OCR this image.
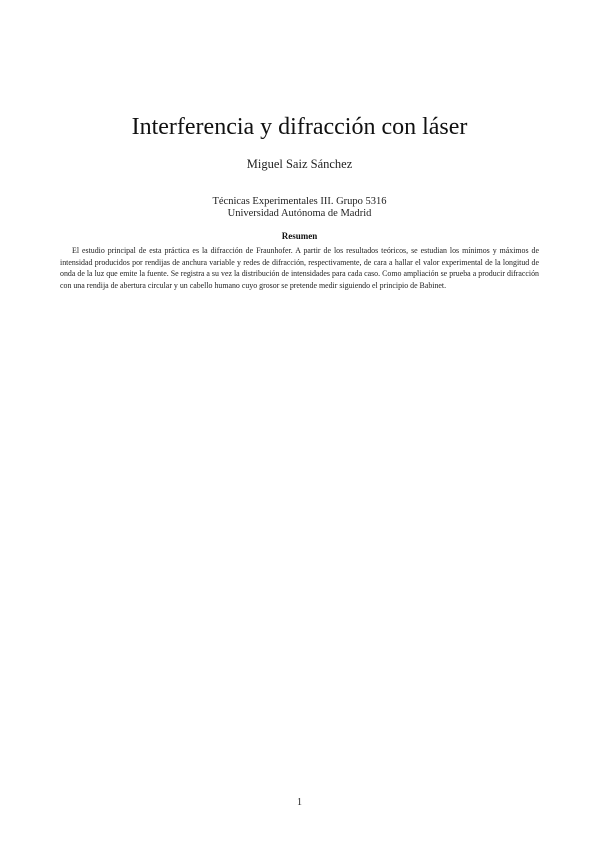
Interferencia y difracción con láser
Miguel Saiz Sánchez
Técnicas Experimentales III. Grupo 5316
Universidad Autónoma de Madrid
Resumen

El estudio principal de esta práctica es la difracción de Fraunhofer. A partir de los resultados teóricos, se estudian los mínimos y máximos de intensidad producidos por rendijas de anchura variable y redes de difracción, respectivamente, de cara a hallar el valor experimental de la longitud de onda de la luz que emite la fuente. Se registra a su vez la distribución de intensidades para cada caso. Como ampliación se prueba a producir difracción con una rendija de abertura circular y un cabello humano cuyo grosor se pretende medir siguiendo el principio de Babinet.

1
